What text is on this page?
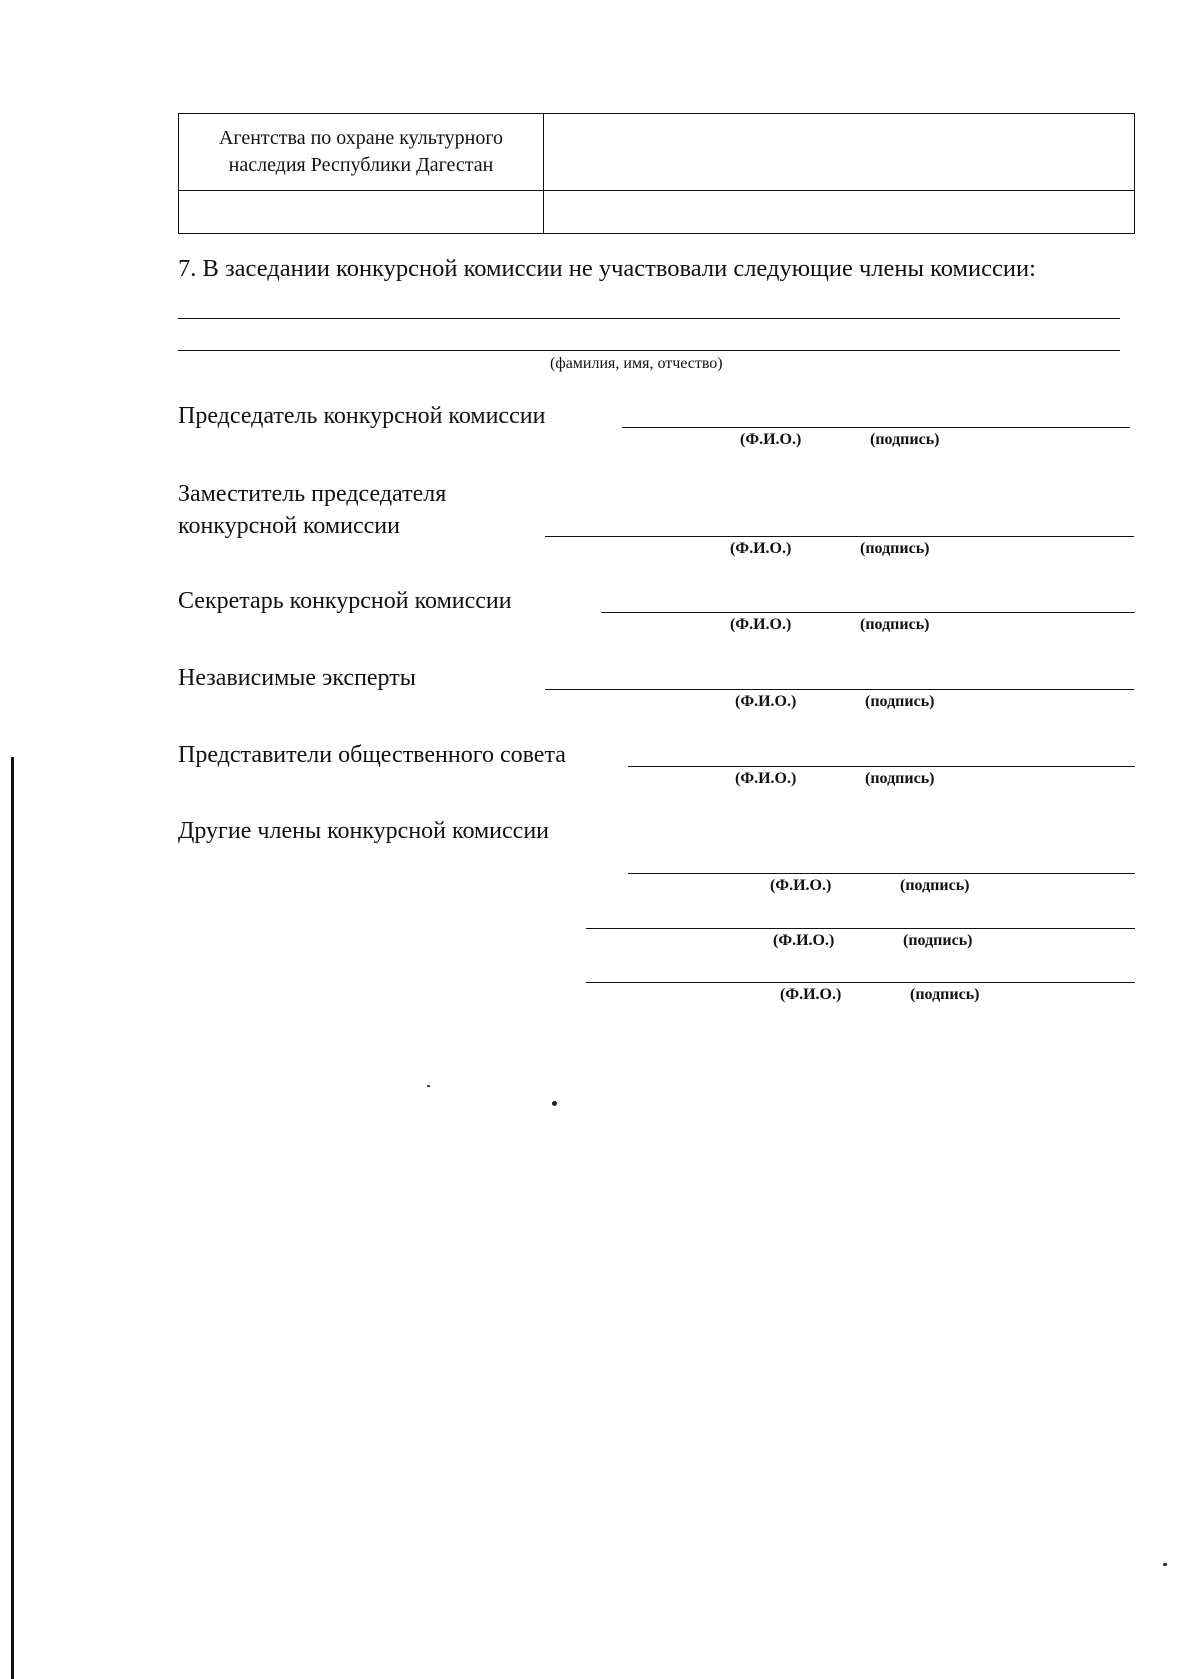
Агентства по охране культурного
наследия Республики Дагестан	

7. В заседании конкурсной комиссии не участвовали следующие члены комиссии:
(фамилия, имя, отчество)
Председатель конкурсной комиссии
(Ф.И.О.)	(подпись)
Заместитель председателя
конкурсной комиссии
(Ф.И.О.)	(подпись)
Секретарь конкурсной комиссии
(Ф.И.О.)	(подпись)
Независимые эксперты
(Ф.И.О.)	(подпись)
Представители общественного совета
(Ф.И.О.)	(подпись)
Другие члены конкурсной комиссии
(Ф.И.О.)	(подпись)
(Ф.И.О.)	(подпись)
(Ф.И.О.)	(подпись)
